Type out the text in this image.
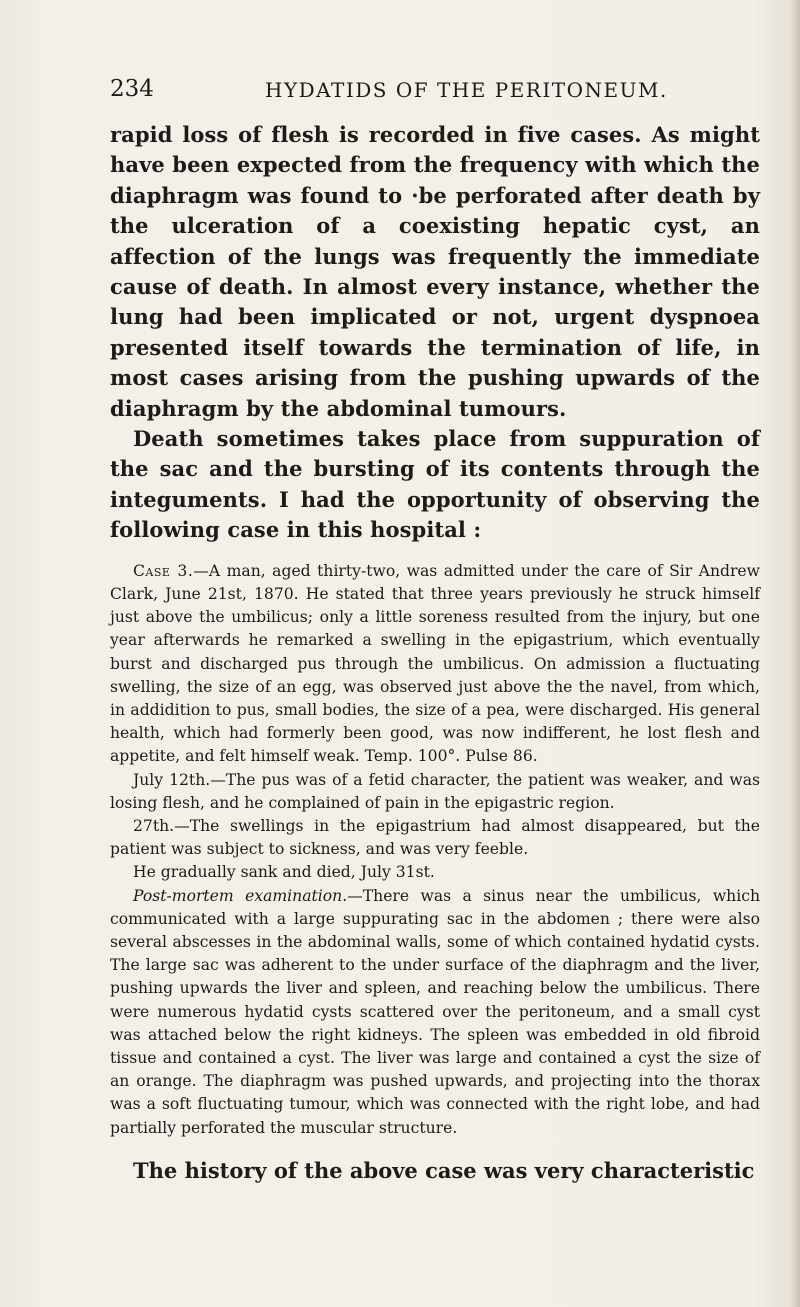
234	HYDATIDS OF THE PERITONEUM.

rapid loss of flesh is recorded in five cases. As might have been expected from the frequency with which the diaphragm was found to ·be perforated after death by the ulceration of a coexisting hepatic cyst, an affection of the lungs was frequently the immediate cause of death. In almost every instance, whether the lung had been implicated or not, urgent dyspnoea presented itself towards the termination of life, in most cases arising from the pushing upwards of the diaphragm by the abdominal tumours.

Death sometimes takes place from suppuration of the sac and the bursting of its contents through the integuments. I had the opportunity of observing the following case in this hospital :

Case 3.—A man, aged thirty-two, was admitted under the care of Sir Andrew Clark, June 21st, 1870. He stated that three years previously he struck himself just above the umbilicus; only a little soreness resulted from the injury, but one year afterwards he remarked a swelling in the epigastrium, which eventually burst and discharged pus through the umbilicus. On admission a fluctuating swelling, the size of an egg, was observed just above the the navel, from which, in addidition to pus, small bodies, the size of a pea, were discharged. His general health, which had formerly been good, was now indifferent, he lost flesh and appetite, and felt himself weak. Temp. 100°. Pulse 86.

July 12th.—The pus was of a fetid character, the patient was weaker, and was losing flesh, and he complained of pain in the epigastric region.

27th.—The swellings in the epigastrium had almost disappeared, but the patient was subject to sickness, and was very feeble.

He gradually sank and died, July 31st.

Post-mortem examination.—There was a sinus near the umbilicus, which communicated with a large suppurating sac in the abdomen ; there were also several abscesses in the abdominal walls, some of which contained hydatid cysts. The large sac was adherent to the under surface of the diaphragm and the liver, pushing upwards the liver and spleen, and reaching below the umbilicus. There were numerous hydatid cysts scattered over the peritoneum, and a small cyst was attached below the right kidneys. The spleen was embedded in old fibroid tissue and contained a cyst. The liver was large and contained a cyst the size of an orange. The diaphragm was pushed upwards, and projecting into the thorax was a soft fluctuating tumour, which was connected with the right lobe, and had partially perforated the muscular structure.

The history of the above case was very characteristic
